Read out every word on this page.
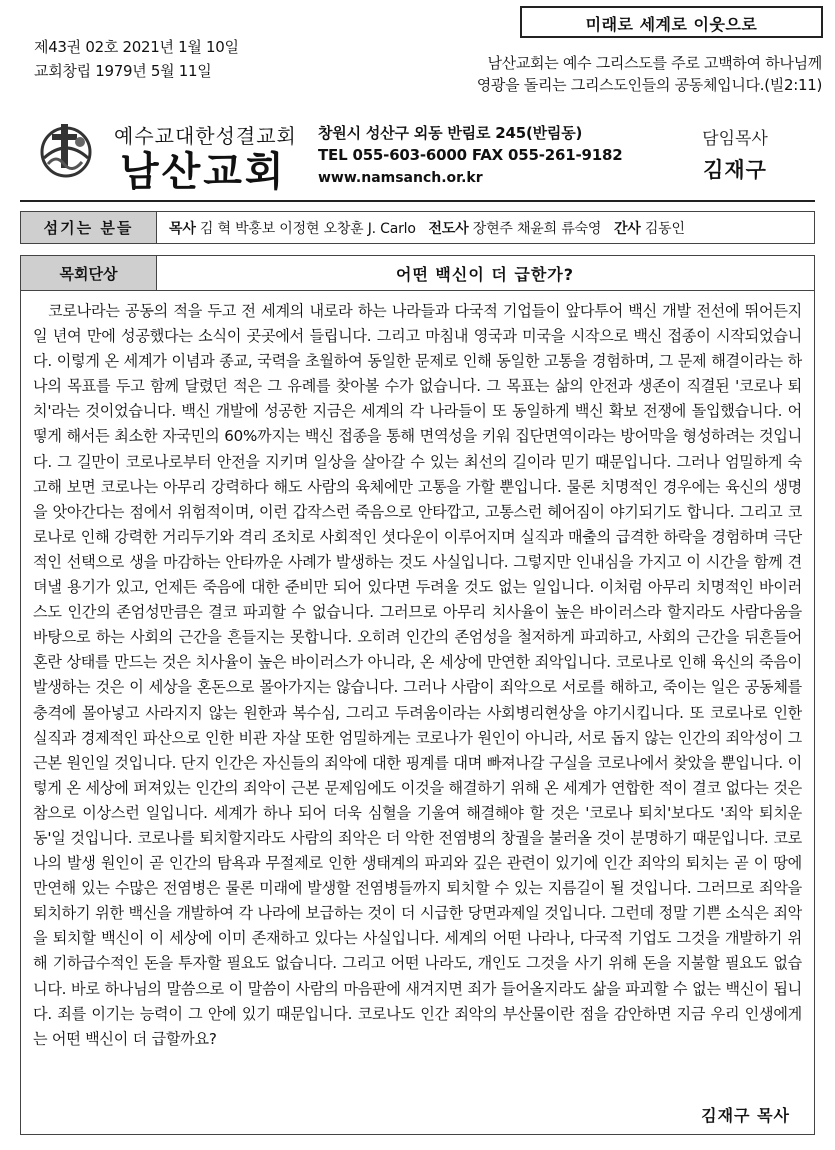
제43권 02호 2021년 1월 10일
교회창립 1979년 5월 11일
미래로 세계로 이웃으로
남산교회는 예수 그리스도를 주로 고백하여 하나님께
영광을 돌리는 그리스도인들의 공동체입니다.(빌2:11)
예수교대한성결교회
남산교회
창원시 성산구 외동 반림로 245(반림동)
TEL 055-603-6000 FAX 055-261-9182
www.namsanch.or.kr
담임목사
김재구
섬기는 분들	목사 김 혁 박홍보 이정현 오창훈 J. Carlo 전도사 장현주 채윤희 류숙영 간사 김동인
목회단상	어떤 백신이 더 급한가?
코로나라는 공동의 적을 두고 전 세계의 내로라 하는 나라들과 다국적 기업들이 앞다투어 백신 개발 전선에 뛰어든지 일 년여 만에 성공했다는 소식이 곳곳에서 들립니다. 그리고 마침내 영국과 미국을 시작으로 백신 접종이 시작되었습니다. 이렇게 온 세계가 이념과 종교, 국력을 초월하여 동일한 문제로 인해 동일한 고통을 경험하며, 그 문제 해결이라는 하나의 목표를 두고 함께 달렸던 적은 그 유례를 찾아볼 수가 없습니다. 그 목표는 삶의 안전과 생존이 직결된 '코로나 퇴치'라는 것이었습니다. 백신 개발에 성공한 지금은 세계의 각 나라들이 또 동일하게 백신 확보 전쟁에 돌입했습니다. 어떻게 해서든 최소한 자국민의 60%까지는 백신 접종을 통해 면역성을 키워 집단면역이라는 방어막을 형성하려는 것입니다. 그 길만이 코로나로부터 안전을 지키며 일상을 살아갈 수 있는 최선의 길이라 믿기 때문입니다. 그러나 엄밀하게 숙고해 보면 코로나는 아무리 강력하다 해도 사람의 육체에만 고통을 가할 뿐입니다. 물론 치명적인 경우에는 육신의 생명을 앗아간다는 점에서 위험적이며, 이런 갑작스런 죽음으로 안타깝고, 고통스런 헤어짐이 야기되기도 합니다. 그리고 코로나로 인해 강력한 거리두기와 격리 조치로 사회적인 셧다운이 이루어지며 실직과 매출의 급격한 하락을 경험하며 극단적인 선택으로 생을 마감하는 안타까운 사례가 발생하는 것도 사실입니다. 그렇지만 인내심을 가지고 이 시간을 함께 견뎌낼 용기가 있고, 언제든 죽음에 대한 준비만 되어 있다면 두려울 것도 없는 일입니다. 이처럼 아무리 치명적인 바이러스도 인간의 존엄성만큼은 결코 파괴할 수 없습니다. 그러므로 아무리 치사율이 높은 바이러스라 할지라도 사람다움을 바탕으로 하는 사회의 근간을 흔들지는 못합니다. 오히려 인간의 존엄성을 철저하게 파괴하고, 사회의 근간을 뒤흔들어 혼란 상태를 만드는 것은 치사율이 높은 바이러스가 아니라, 온 세상에 만연한 죄악입니다. 코로나로 인해 육신의 죽음이 발생하는 것은 이 세상을 혼돈으로 몰아가지는 않습니다. 그러나 사람이 죄악으로 서로를 해하고, 죽이는 일은 공동체를 충격에 몰아넣고 사라지지 않는 원한과 복수심, 그리고 두려움이라는 사회병리현상을 야기시킵니다. 또 코로나로 인한 실직과 경제적인 파산으로 인한 비관 자살 또한 엄밀하게는 코로나가 원인이 아니라, 서로 돕지 않는 인간의 죄악성이 그 근본 원인일 것입니다. 단지 인간은 자신들의 죄악에 대한 핑계를 대며 빠져나갈 구실을 코로나에서 찾았을 뿐입니다. 이렇게 온 세상에 퍼져있는 인간의 죄악이 근본 문제임에도 이것을 해결하기 위해 온 세계가 연합한 적이 결코 없다는 것은 참으로 이상스런 일입니다. 세계가 하나 되어 더욱 심혈을 기울여 해결해야 할 것은 '코로나 퇴치'보다도 '죄악 퇴치운동'일 것입니다. 코로나를 퇴치할지라도 사람의 죄악은 더 악한 전염병의 창궐을 불러올 것이 분명하기 때문입니다. 코로나의 발생 원인이 곧 인간의 탐욕과 무절제로 인한 생태계의 파괴와 깊은 관련이 있기에 인간 죄악의 퇴치는 곧 이 땅에 만연해 있는 수많은 전염병은 물론 미래에 발생할 전염병들까지 퇴치할 수 있는 지름길이 될 것입니다. 그러므로 죄악을 퇴치하기 위한 백신을 개발하여 각 나라에 보급하는 것이 더 시급한 당면과제일 것입니다. 그런데 정말 기쁜 소식은 죄악을 퇴치할 백신이 이 세상에 이미 존재하고 있다는 사실입니다. 세계의 어떤 나라나, 다국적 기업도 그것을 개발하기 위해 기하급수적인 돈을 투자할 필요도 없습니다. 그리고 어떤 나라도, 개인도 그것을 사기 위해 돈을 지불할 필요도 없습니다. 바로 하나님의 말씀으로 이 말씀이 사람의 마음판에 새겨지면 죄가 들어올지라도 삶을 파괴할 수 없는 백신이 됩니다. 죄를 이기는 능력이 그 안에 있기 때문입니다. 코로나도 인간 죄악의 부산물이란 점을 감안하면 지금 우리 인생에게는 어떤 백신이 더 급할까요?
김재구 목사
